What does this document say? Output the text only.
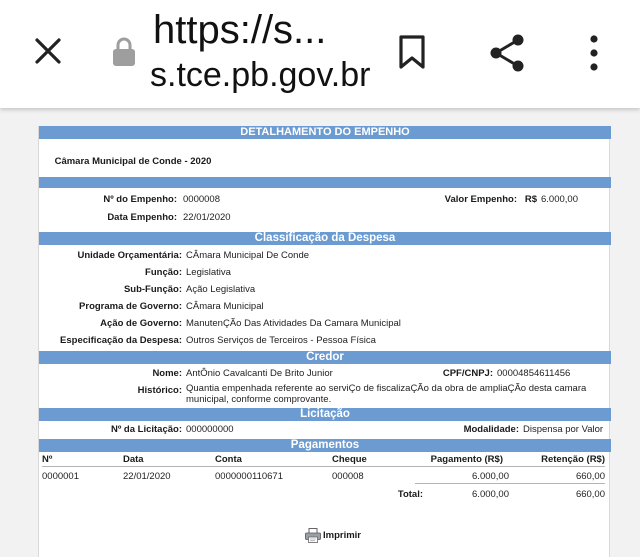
https://s...
s.tce.pb.gov.br
DETALHAMENTO DO EMPENHO
Câmara Municipal de Conde - 2020
Nº do Empenho: 0000008	Valor Empenho: R$ 6.000,00
Data Empenho: 22/01/2020
Classificação da Despesa
Unidade Orçamentária: CÂmara Municipal De Conde
Função: Legislativa
Sub-Função: Ação Legislativa
Programa de Governo: CÂmara Municipal
Ação de Governo: ManutenÇÃo Das Atividades Da Camara Municipal
Especificação da Despesa: Outros Serviços de Terceiros - Pessoa Física
Credor
Nome: AntÔnio Cavalcanti De Brito Junior	CPF/CNPJ: 00004854611456
Histórico: Quantia empenhada referente ao serviÇo de fiscalizaÇÃo da obra de ampliaÇÃo desta camara municipal, conforme comprovante.
Licitação
Nº da Licitação: 000000000	Modalidade: Dispensa por Valor
Pagamentos
Nº	Data	Conta	Cheque	Pagamento (R$)	Retenção (R$)
0000001	22/01/2020	0000000110671	000008	6.000,00	660,00
Total:	6.000,00	660,00
Imprimir
